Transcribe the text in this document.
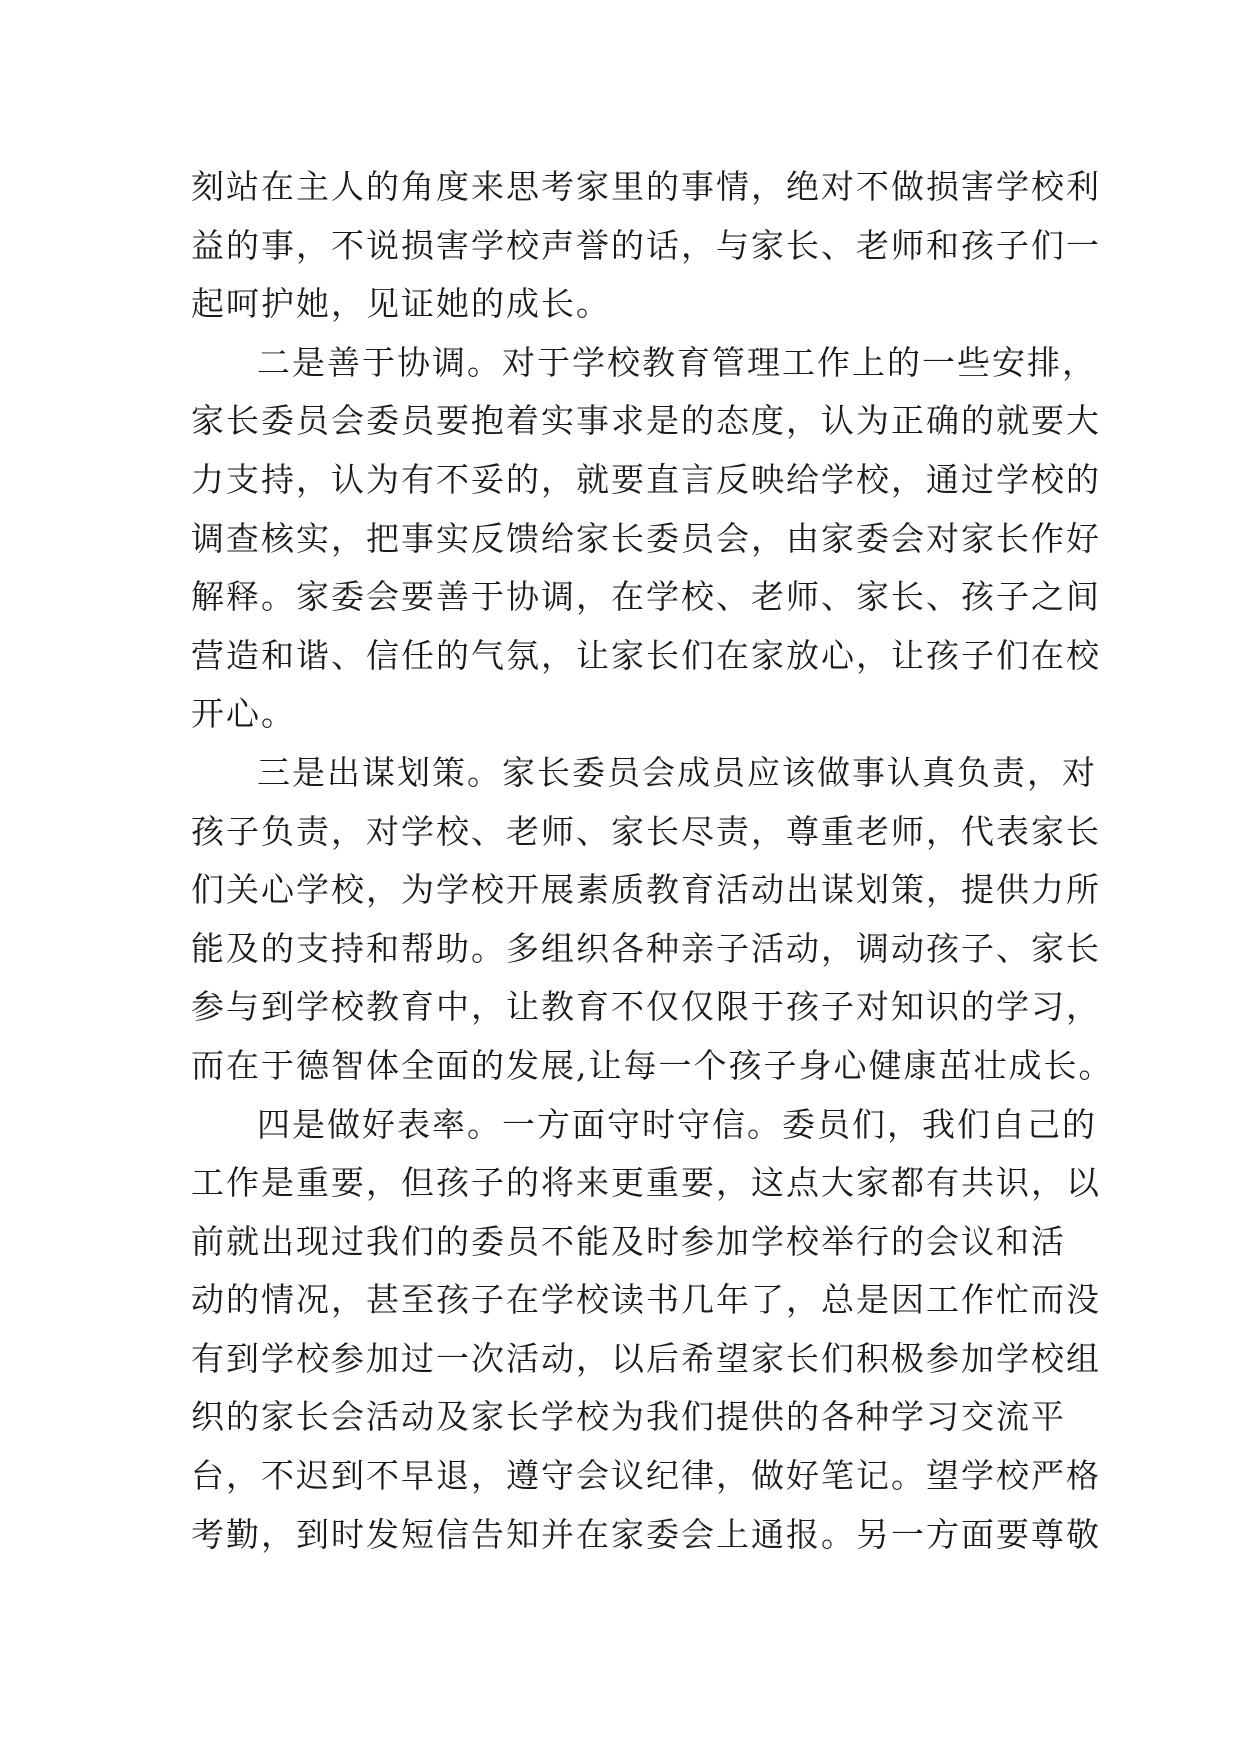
刻站在主人的角度来思考家里的事情，绝对不做损害学校利
益的事，不说损害学校声誉的话，与家长、老师和孩子们一
起呵护她，见证她的成长。
二是善于协调。对于学校教育管理工作上的一些安排，
家长委员会委员要抱着实事求是的态度，认为正确的就要大
力支持，认为有不妥的，就要直言反映给学校，通过学校的
调查核实，把事实反馈给家长委员会，由家委会对家长作好
解释。家委会要善于协调，在学校、老师、家长、孩子之间
营造和谐、信任的气氛，让家长们在家放心，让孩子们在校
开心。
三是出谋划策。家长委员会成员应该做事认真负责，对
孩子负责，对学校、老师、家长尽责，尊重老师，代表家长
们关心学校，为学校开展素质教育活动出谋划策，提供力所
能及的支持和帮助。多组织各种亲子活动，调动孩子、家长
参与到学校教育中，让教育不仅仅限于孩子对知识的学习，
而在于德智体全面的发展,让每一个孩子身心健康茁壮成长。
四是做好表率。一方面守时守信。委员们，我们自己的
工作是重要，但孩子的将来更重要，这点大家都有共识，以
前就出现过我们的委员不能及时参加学校举行的会议和活
动的情况，甚至孩子在学校读书几年了，总是因工作忙而没
有到学校参加过一次活动，以后希望家长们积极参加学校组
织的家长会活动及家长学校为我们提供的各种学习交流平
台，不迟到不早退，遵守会议纪律，做好笔记。望学校严格
考勤，到时发短信告知并在家委会上通报。另一方面要尊敬
